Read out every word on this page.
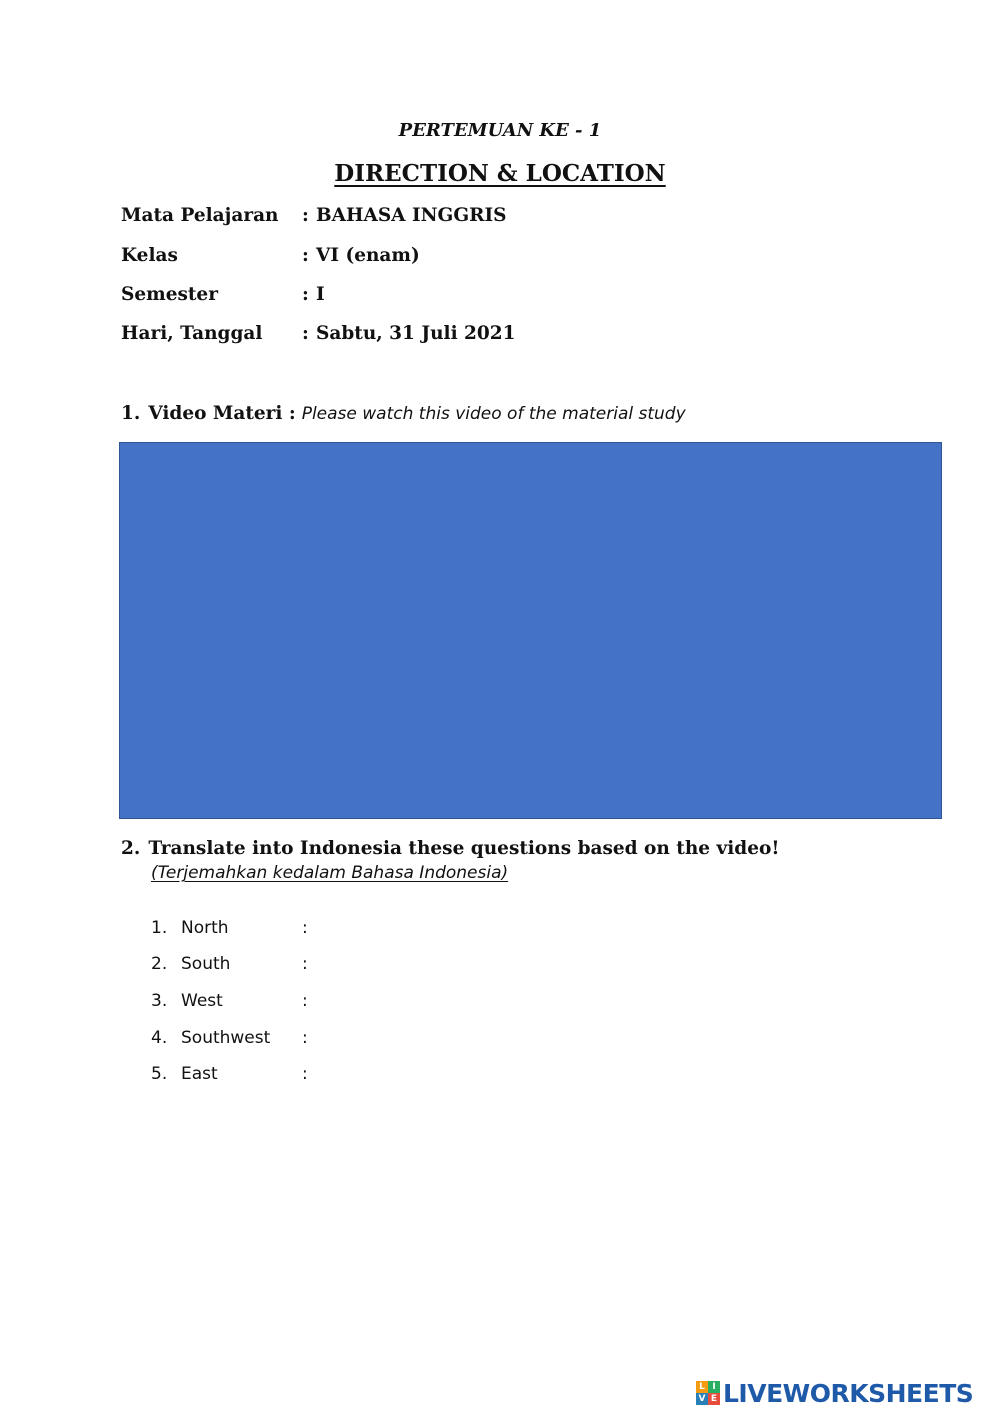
PERTEMUAN KE - 1
DIRECTION & LOCATION
Mata Pelajaran : BAHASA INGGRIS
Kelas	: VI (enam)
Semester	: I
Hari, Tanggal : Sabtu, 31 Juli 2021
1. Video Materi : Please watch this video of the material study
2. Translate into Indonesia these questions based on the video!
(Terjemahkan kedalam Bahasa Indonesia)
1. North	:
2. South	:
3. West	:
4. Southwest :
5. East	:
L I
V E LIVEWORKSHEETS
